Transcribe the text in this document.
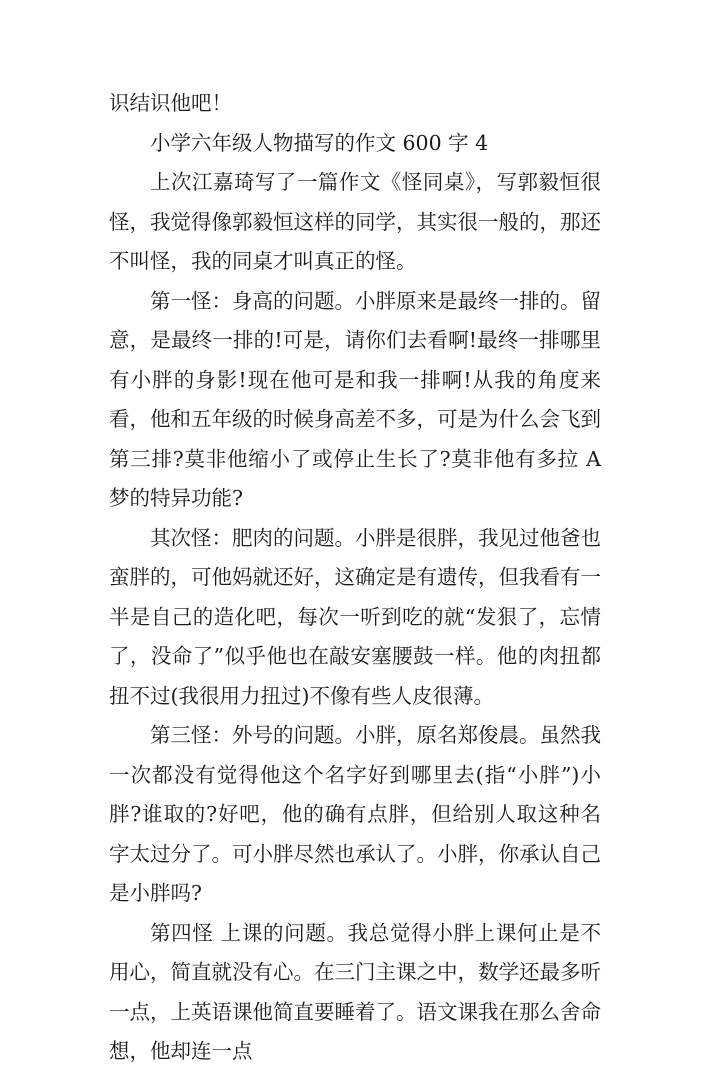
识结识他吧！

小学六年级人物描写的作文 600 字 4

上次江嘉琦写了一篇作文《怪同桌》，写郭毅恒很怪，我觉得像郭毅恒这样的同学，其实很一般的，那还不叫怪，我的同桌才叫真正的怪。

第一怪：身高的问题。小胖原来是最终一排的。留意，是最终一排的!可是，请你们去看啊!最终一排哪里有小胖的身影!现在他可是和我一排啊!从我的角度来看，他和五年级的时候身高差不多，可是为什么会飞到第三排?莫非他缩小了或停止生长了?莫非他有多拉 A 梦的特异功能?

其次怪：肥肉的问题。小胖是很胖，我见过他爸也蛮胖的，可他妈就还好，这确定是有遗传，但我看有一半是自己的造化吧，每次一听到吃的就“发狠了，忘情了，没命了”似乎他也在敲安塞腰鼓一样。他的肉扭都扭不过(我很用力扭过)不像有些人皮很薄。

第三怪：外号的问题。小胖，原名郑俊晨。虽然我一次都没有觉得他这个名字好到哪里去(指“小胖”)小胖?谁取的?好吧，他的确有点胖，但给别人取这种名字太过分了。可小胖尽然也承认了。小胖，你承认自己是小胖吗?

第四怪 上课的问题。我总觉得小胖上课何止是不用心，简直就没有心。在三门主课之中，数学还最多听一点，上英语课他简直要睡着了。语文课我在那么舍命想，他却连一点
